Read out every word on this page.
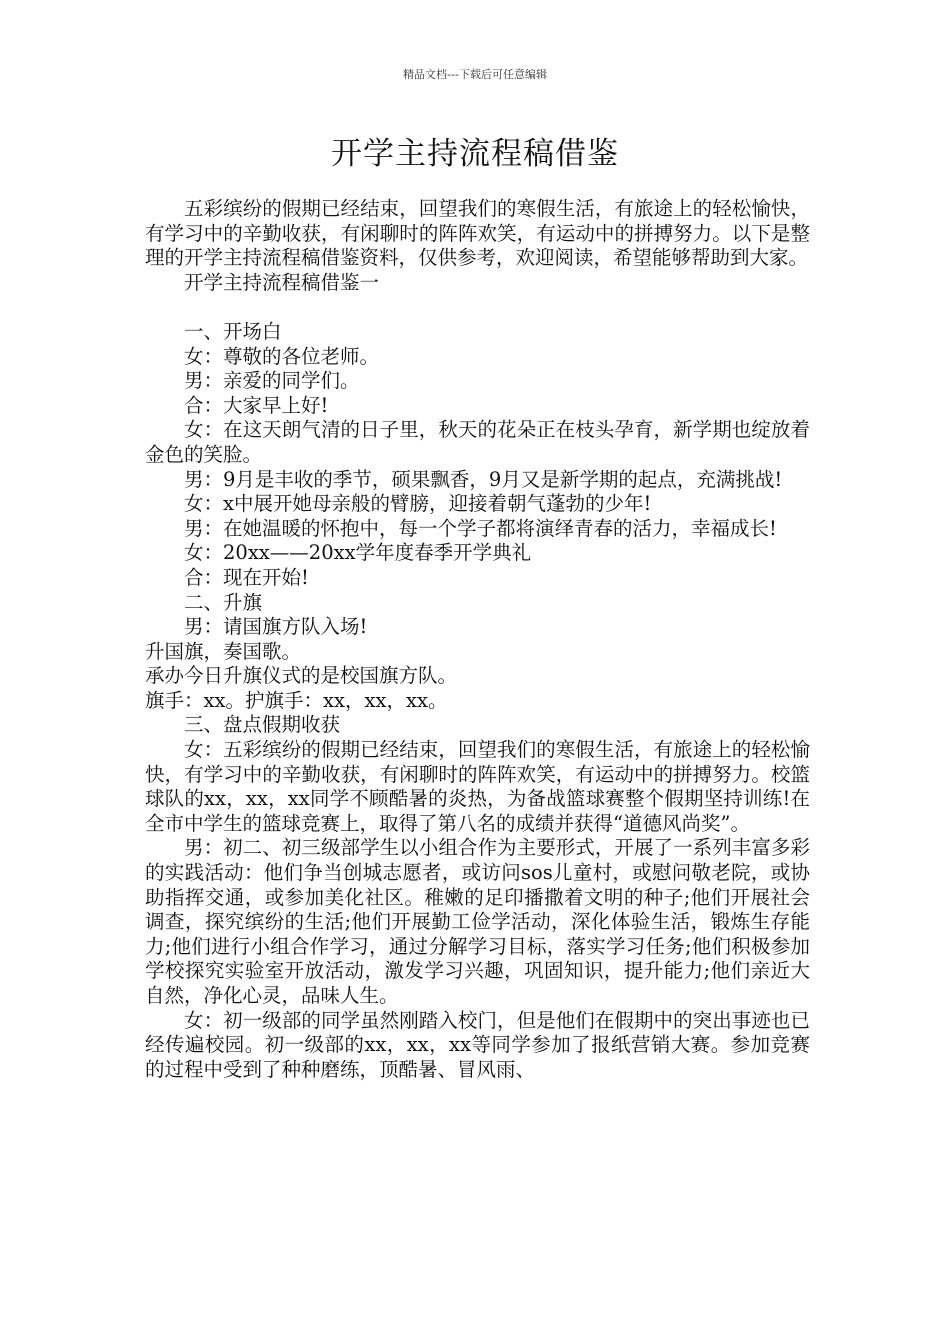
精品文档---下载后可任意编辑
开学主持流程稿借鉴

五彩缤纷的假期已经结束，回望我们的寒假生活，有旅途上的轻松愉快，有学习中的辛勤收获，有闲聊时的阵阵欢笑，有运动中的拼搏努力。以下是整理的开学主持流程稿借鉴资料，仅供参考，欢迎阅读，希望能够帮助到大家。

开学主持流程稿借鉴一

一、开场白

女：尊敬的各位老师。

男：亲爱的同学们。

合：大家早上好!

女：在这天朗气清的日子里，秋天的花朵正在枝头孕育，新学期也绽放着金色的笑脸。

男：9月是丰收的季节，硕果飘香，9月又是新学期的起点，充满挑战!

女：x中展开她母亲般的臂膀，迎接着朝气蓬勃的少年!

男：在她温暖的怀抱中，每一个学子都将演绎青春的活力，幸福成长!

女：20xx——20xx学年度春季开学典礼

合：现在开始!

二、升旗

男：请国旗方队入场!

升国旗，奏国歌。

承办今日升旗仪式的是校国旗方队。

旗手：xx。护旗手：xx，xx，xx。

三、盘点假期收获

女：五彩缤纷的假期已经结束，回望我们的寒假生活，有旅途上的轻松愉快，有学习中的辛勤收获，有闲聊时的阵阵欢笑，有运动中的拼搏努力。校篮球队的xx，xx，xx同学不顾酷暑的炎热，为备战篮球赛整个假期坚持训练!在全市中学生的篮球竞赛上，取得了第八名的成绩并获得“道德风尚奖”。

男：初二、初三级部学生以小组合作为主要形式，开展了一系列丰富多彩的实践活动：他们争当创城志愿者，或访问sos儿童村，或慰问敬老院，或协助指挥交通，或参加美化社区。稚嫩的足印播撒着文明的种子;他们开展社会调查，探究缤纷的生活;他们开展勤工俭学活动，深化体验生活，锻炼生存能力;他们进行小组合作学习，通过分解学习目标，落实学习任务;他们积极参加学校探究实验室开放活动，激发学习兴趣，巩固知识，提升能力;他们亲近大自然，净化心灵，品味人生。

女：初一级部的同学虽然刚踏入校门，但是他们在假期中的突出事迹也已经传遍校园。初一级部的xx，xx，xx等同学参加了报纸营销大赛。参加竞赛的过程中受到了种种磨练，顶酷暑、冒风雨、
